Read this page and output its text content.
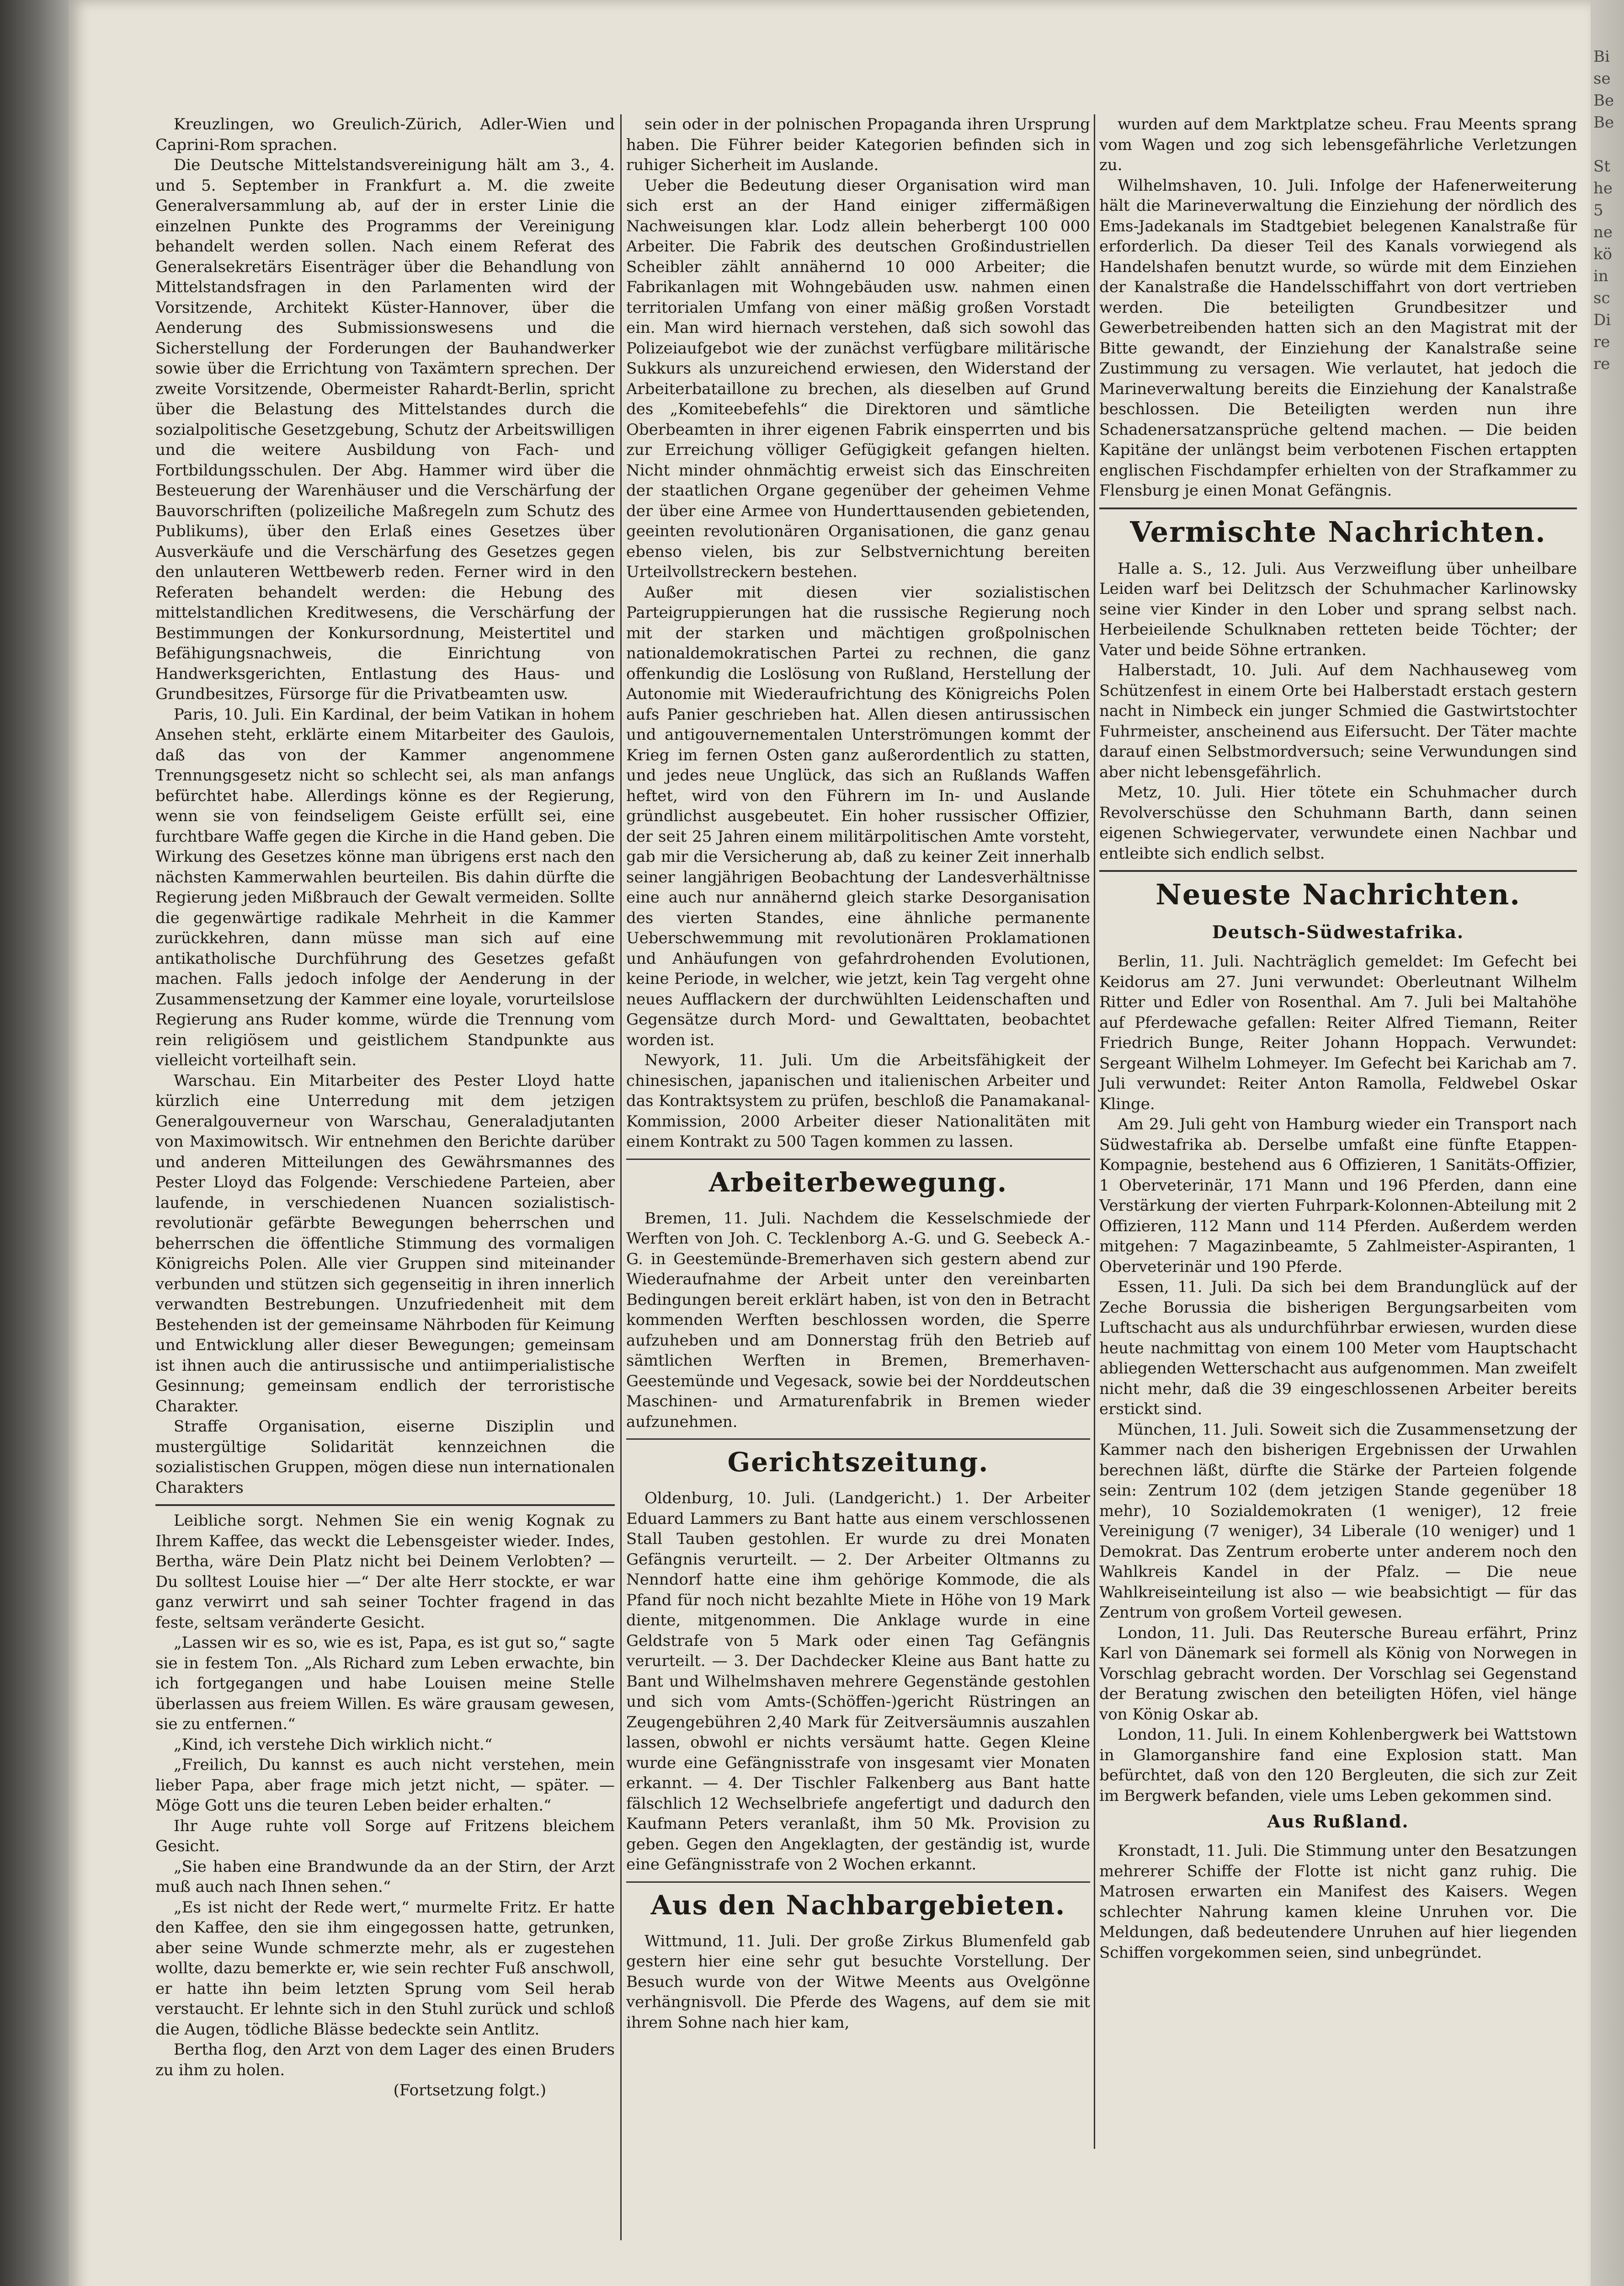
Bi
se
Be
Be

St
he
5
ne
kö
in
sc
Di
re
re

Kreuzlingen, wo Greulich-Zürich, Adler-Wien und Caprini-Rom sprachen.

Die Deutsche Mittelstandsvereinigung hält am 3., 4. und 5. September in Frankfurt a. M. die zweite Generalversammlung ab, auf der in erster Linie die einzelnen Punkte des Programms der Vereinigung behandelt werden sollen. Nach einem Referat des Generalsekretärs Eisenträger über die Behandlung von Mittelstandsfragen in den Parlamenten wird der Vorsitzende, Architekt Küster-Hannover, über die Aenderung des Submissionswesens und die Sicherstellung der Forderungen der Bauhandwerker sowie über die Errichtung von Taxämtern sprechen. Der zweite Vorsitzende, Obermeister Rahardt-Berlin, spricht über die Belastung des Mittelstandes durch die sozialpolitische Gesetzgebung, Schutz der Arbeitswilligen und die weitere Ausbildung von Fach- und Fortbildungsschulen. Der Abg. Hammer wird über die Besteuerung der Warenhäuser und die Verschärfung der Bauvorschriften (polizeiliche Maßregeln zum Schutz des Publikums), über den Erlaß eines Gesetzes über Ausverkäufe und die Verschärfung des Gesetzes gegen den unlauteren Wettbewerb reden. Ferner wird in den Referaten behandelt werden: die Hebung des mittelstandlichen Kreditwesens, die Verschärfung der Bestimmungen der Konkursordnung, Meistertitel und Befähigungsnachweis, die Einrichtung von Handwerksgerichten, Entlastung des Haus- und Grundbesitzes, Fürsorge für die Privatbeamten usw.

Paris, 10. Juli. Ein Kardinal, der beim Vatikan in hohem Ansehen steht, erklärte einem Mitarbeiter des Gaulois, daß das von der Kammer angenommene Trennungsgesetz nicht so schlecht sei, als man anfangs befürchtet habe. Allerdings könne es der Regierung, wenn sie von feindseligem Geiste erfüllt sei, eine furchtbare Waffe gegen die Kirche in die Hand geben. Die Wirkung des Gesetzes könne man übrigens erst nach den nächsten Kammerwahlen beurteilen. Bis dahin dürfte die Regierung jeden Mißbrauch der Gewalt vermeiden. Sollte die gegenwärtige radikale Mehrheit in die Kammer zurückkehren, dann müsse man sich auf eine antikatholische Durchführung des Gesetzes gefaßt machen. Falls jedoch infolge der Aenderung in der Zusammensetzung der Kammer eine loyale, vorurteilslose Regierung ans Ruder komme, würde die Trennung vom rein religiösem und geistlichem Standpunkte aus vielleicht vorteilhaft sein.

Warschau. Ein Mitarbeiter des Pester Lloyd hatte kürzlich eine Unterredung mit dem jetzigen Generalgouverneur von Warschau, Generaladjutanten von Maximowitsch. Wir entnehmen den Berichte darüber und anderen Mitteilungen des Gewährsmannes des Pester Lloyd das Folgende: Verschiedene Parteien, aber laufende, in verschiedenen Nuancen sozialistisch-revolutionär gefärbte Bewegungen beherrschen und beherrschen die öffentliche Stimmung des vormaligen Königreichs Polen. Alle vier Gruppen sind miteinander verbunden und stützen sich gegenseitig in ihren innerlich verwandten Bestrebungen. Unzufriedenheit mit dem Bestehenden ist der gemeinsame Nährboden für Keimung und Entwicklung aller dieser Bewegungen; gemeinsam ist ihnen auch die antirussische und antiimperialistische Gesinnung; gemeinsam endlich der terroristische Charakter.

Straffe Organisation, eiserne Disziplin und mustergültige Solidarität kennzeichnen die sozialistischen Gruppen, mögen diese nun internationalen Charakters

Leibliche sorgt. Nehmen Sie ein wenig Kognak zu Ihrem Kaffee, das weckt die Lebensgeister wieder. Indes, Bertha, wäre Dein Platz nicht bei Deinem Verlobten? — Du solltest Louise hier —“ Der alte Herr stockte, er war ganz verwirrt und sah seiner Tochter fragend in das feste, seltsam veränderte Gesicht.

„Lassen wir es so, wie es ist, Papa, es ist gut so,“ sagte sie in festem Ton. „Als Richard zum Leben erwachte, bin ich fortgegangen und habe Louisen meine Stelle überlassen aus freiem Willen. Es wäre grausam gewesen, sie zu entfernen.“

„Kind, ich verstehe Dich wirklich nicht.“

„Freilich, Du kannst es auch nicht verstehen, mein lieber Papa, aber frage mich jetzt nicht, — später. — Möge Gott uns die teuren Leben beider erhalten.“

Ihr Auge ruhte voll Sorge auf Fritzens bleichem Gesicht.

„Sie haben eine Brandwunde da an der Stirn, der Arzt muß auch nach Ihnen sehen.“

„Es ist nicht der Rede wert,“ murmelte Fritz. Er hatte den Kaffee, den sie ihm eingegossen hatte, getrunken, aber seine Wunde schmerzte mehr, als er zugestehen wollte, dazu bemerkte er, wie sein rechter Fuß anschwoll, er hatte ihn beim letzten Sprung vom Seil herab verstaucht. Er lehnte sich in den Stuhl zurück und schloß die Augen, tödliche Blässe bedeckte sein Antlitz.

Bertha flog, den Arzt von dem Lager des einen Bruders zu ihm zu holen.

(Fortsetzung folgt.)

sein oder in der polnischen Propaganda ihren Ursprung haben. Die Führer beider Kategorien befinden sich in ruhiger Sicherheit im Auslande.

Ueber die Bedeutung dieser Organisation wird man sich erst an der Hand einiger ziffermäßigen Nachweisungen klar. Lodz allein beherbergt 100 000 Arbeiter. Die Fabrik des deutschen Großindustriellen Scheibler zählt annähernd 10 000 Arbeiter; die Fabrikanlagen mit Wohngebäuden usw. nahmen einen territorialen Umfang von einer mäßig großen Vorstadt ein. Man wird hiernach verstehen, daß sich sowohl das Polizeiaufgebot wie der zunächst verfügbare militärische Sukkurs als unzureichend erwiesen, den Widerstand der Arbeiterbataillone zu brechen, als dieselben auf Grund des „Komiteebefehls“ die Direktoren und sämtliche Oberbeamten in ihrer eigenen Fabrik einsperrten und bis zur Erreichung völliger Gefügigkeit gefangen hielten. Nicht minder ohnmächtig erweist sich das Einschreiten der staatlichen Organe gegenüber der geheimen Vehme der über eine Armee von Hunderttausenden gebietenden, geeinten revolutionären Organisationen, die ganz genau ebenso vielen, bis zur Selbstvernichtung bereiten Urteilvollstreckern bestehen.

Außer mit diesen vier sozialistischen Parteigruppierungen hat die russische Regierung noch mit der starken und mächtigen großpolnischen nationaldemokratischen Partei zu rechnen, die ganz offenkundig die Loslösung von Rußland, Herstellung der Autonomie mit Wiederaufrichtung des Königreichs Polen aufs Panier geschrieben hat. Allen diesen antirussischen und antigouvernementalen Unterströmungen kommt der Krieg im fernen Osten ganz außerordentlich zu statten, und jedes neue Unglück, das sich an Rußlands Waffen heftet, wird von den Führern im In- und Auslande gründlichst ausgebeutet. Ein hoher russischer Offizier, der seit 25 Jahren einem militärpolitischen Amte vorsteht, gab mir die Versicherung ab, daß zu keiner Zeit innerhalb seiner langjährigen Beobachtung der Landesverhältnisse eine auch nur annähernd gleich starke Desorganisation des vierten Standes, eine ähnliche permanente Ueberschwemmung mit revolutionären Proklamationen und Anhäufungen von gefahrdrohenden Evolutionen, keine Periode, in welcher, wie jetzt, kein Tag vergeht ohne neues Aufflackern der durchwühlten Leidenschaften und Gegensätze durch Mord- und Gewalttaten, beobachtet worden ist.

Newyork, 11. Juli. Um die Arbeitsfähigkeit der chinesischen, japanischen und italienischen Arbeiter und das Kontraktsystem zu prüfen, beschloß die Panamakanal-Kommission, 2000 Arbeiter dieser Nationalitäten mit einem Kontrakt zu 500 Tagen kommen zu lassen.

Arbeiterbewegung.

Bremen, 11. Juli. Nachdem die Kesselschmiede der Werften von Joh. C. Tecklenborg A.-G. und G. Seebeck A.-G. in Geestemünde-Bremerhaven sich gestern abend zur Wiederaufnahme der Arbeit unter den vereinbarten Bedingungen bereit erklärt haben, ist von den in Betracht kommenden Werften beschlossen worden, die Sperre aufzuheben und am Donnerstag früh den Betrieb auf sämtlichen Werften in Bremen, Bremerhaven-Geestemünde und Vegesack, sowie bei der Norddeutschen Maschinen- und Armaturenfabrik in Bremen wieder aufzunehmen.

Gerichtszeitung.

Oldenburg, 10. Juli. (Landgericht.) 1. Der Arbeiter Eduard Lammers zu Bant hatte aus einem verschlossenen Stall Tauben gestohlen. Er wurde zu drei Monaten Gefängnis verurteilt. — 2. Der Arbeiter Oltmanns zu Nenndorf hatte eine ihm gehörige Kommode, die als Pfand für noch nicht bezahlte Miete in Höhe von 19 Mark diente, mitgenommen. Die Anklage wurde in eine Geldstrafe von 5 Mark oder einen Tag Gefängnis verurteilt. — 3. Der Dachdecker Kleine aus Bant hatte zu Bant und Wilhelmshaven mehrere Gegenstände gestohlen und sich vom Amts-(Schöffen-)gericht Rüstringen an Zeugengebühren 2,40 Mark für Zeitversäumnis auszahlen lassen, obwohl er nichts versäumt hatte. Gegen Kleine wurde eine Gefängnisstrafe von insgesamt vier Monaten erkannt. — 4. Der Tischler Falkenberg aus Bant hatte fälschlich 12 Wechselbriefe angefertigt und dadurch den Kaufmann Peters veranlaßt, ihm 50 Mk. Provision zu geben. Gegen den Angeklagten, der geständig ist, wurde eine Gefängnisstrafe von 2 Wochen erkannt.

Aus den Nachbargebieten.

Wittmund, 11. Juli. Der große Zirkus Blumenfeld gab gestern hier eine sehr gut besuchte Vorstellung. Der Besuch wurde von der Witwe Meents aus Ovelgönne verhängnisvoll. Die Pferde des Wagens, auf dem sie mit ihrem Sohne nach hier kam,

wurden auf dem Marktplatze scheu. Frau Meents sprang vom Wagen und zog sich lebensgefährliche Verletzungen zu.

Wilhelmshaven, 10. Juli. Infolge der Hafenerweiterung hält die Marineverwaltung die Einziehung der nördlich des Ems-Jadekanals im Stadtgebiet belegenen Kanalstraße für erforderlich. Da dieser Teil des Kanals vorwiegend als Handelshafen benutzt wurde, so würde mit dem Einziehen der Kanalstraße die Handelsschiffahrt von dort vertrieben werden. Die beteiligten Grundbesitzer und Gewerbetreibenden hatten sich an den Magistrat mit der Bitte gewandt, der Einziehung der Kanalstraße seine Zustimmung zu versagen. Wie verlautet, hat jedoch die Marineverwaltung bereits die Einziehung der Kanalstraße beschlossen. Die Beteiligten werden nun ihre Schadenersatzansprüche geltend machen. — Die beiden Kapitäne der unlängst beim verbotenen Fischen ertappten englischen Fischdampfer erhielten von der Strafkammer zu Flensburg je einen Monat Gefängnis.

Vermischte Nachrichten.

Halle a. S., 12. Juli. Aus Verzweiflung über unheilbare Leiden warf bei Delitzsch der Schuhmacher Karlinowsky seine vier Kinder in den Lober und sprang selbst nach. Herbeieilende Schulknaben retteten beide Töchter; der Vater und beide Söhne ertranken.

Halberstadt, 10. Juli. Auf dem Nachhauseweg vom Schützenfest in einem Orte bei Halberstadt erstach gestern nacht in Nimbeck ein junger Schmied die Gastwirtstochter Fuhrmeister, anscheinend aus Eifersucht. Der Täter machte darauf einen Selbstmordversuch; seine Verwundungen sind aber nicht lebensgefährlich.

Metz, 10. Juli. Hier tötete ein Schuhmacher durch Revolverschüsse den Schuhmann Barth, dann seinen eigenen Schwiegervater, verwundete einen Nachbar und entleibte sich endlich selbst.

Neueste Nachrichten.
Deutsch-Südwestafrika.

Berlin, 11. Juli. Nachträglich gemeldet: Im Gefecht bei Keidorus am 27. Juni verwundet: Oberleutnant Wilhelm Ritter und Edler von Rosenthal. Am 7. Juli bei Maltahöhe auf Pferdewache gefallen: Reiter Alfred Tiemann, Reiter Friedrich Bunge, Reiter Johann Hoppach. Verwundet: Sergeant Wilhelm Lohmeyer. Im Gefecht bei Karichab am 7. Juli verwundet: Reiter Anton Ramolla, Feldwebel Oskar Klinge.

Am 29. Juli geht von Hamburg wieder ein Transport nach Südwestafrika ab. Derselbe umfaßt eine fünfte Etappen-Kompagnie, bestehend aus 6 Offizieren, 1 Sanitäts-Offizier, 1 Oberveterinär, 171 Mann und 196 Pferden, dann eine Verstärkung der vierten Fuhrpark-Kolonnen-Abteilung mit 2 Offizieren, 112 Mann und 114 Pferden. Außerdem werden mitgehen: 7 Magazinbeamte, 5 Zahlmeister-Aspiranten, 1 Oberveterinär und 190 Pferde.

Essen, 11. Juli. Da sich bei dem Brandunglück auf der Zeche Borussia die bisherigen Bergungsarbeiten vom Luftschacht aus als undurchführbar erwiesen, wurden diese heute nachmittag von einem 100 Meter vom Hauptschacht abliegenden Wetterschacht aus aufgenommen. Man zweifelt nicht mehr, daß die 39 eingeschlossenen Arbeiter bereits erstickt sind.

München, 11. Juli. Soweit sich die Zusammensetzung der Kammer nach den bisherigen Ergebnissen der Urwahlen berechnen läßt, dürfte die Stärke der Parteien folgende sein: Zentrum 102 (dem jetzigen Stande gegenüber 18 mehr), 10 Sozialdemokraten (1 weniger), 12 freie Vereinigung (7 weniger), 34 Liberale (10 weniger) und 1 Demokrat. Das Zentrum eroberte unter anderem noch den Wahlkreis Kandel in der Pfalz. — Die neue Wahlkreiseinteilung ist also — wie beabsichtigt — für das Zentrum von großem Vorteil gewesen.

London, 11. Juli. Das Reutersche Bureau erfährt, Prinz Karl von Dänemark sei formell als König von Norwegen in Vorschlag gebracht worden. Der Vorschlag sei Gegenstand der Beratung zwischen den beteiligten Höfen, viel hänge von König Oskar ab.

London, 11. Juli. In einem Kohlenbergwerk bei Wattstown in Glamorganshire fand eine Explosion statt. Man befürchtet, daß von den 120 Bergleuten, die sich zur Zeit im Bergwerk befanden, viele ums Leben gekommen sind.

Aus Rußland.

Kronstadt, 11. Juli. Die Stimmung unter den Besatzungen mehrerer Schiffe der Flotte ist nicht ganz ruhig. Die Matrosen erwarten ein Manifest des Kaisers. Wegen schlechter Nahrung kamen kleine Unruhen vor. Die Meldungen, daß bedeutendere Unruhen auf hier liegenden Schiffen vorgekommen seien, sind unbegründet.
